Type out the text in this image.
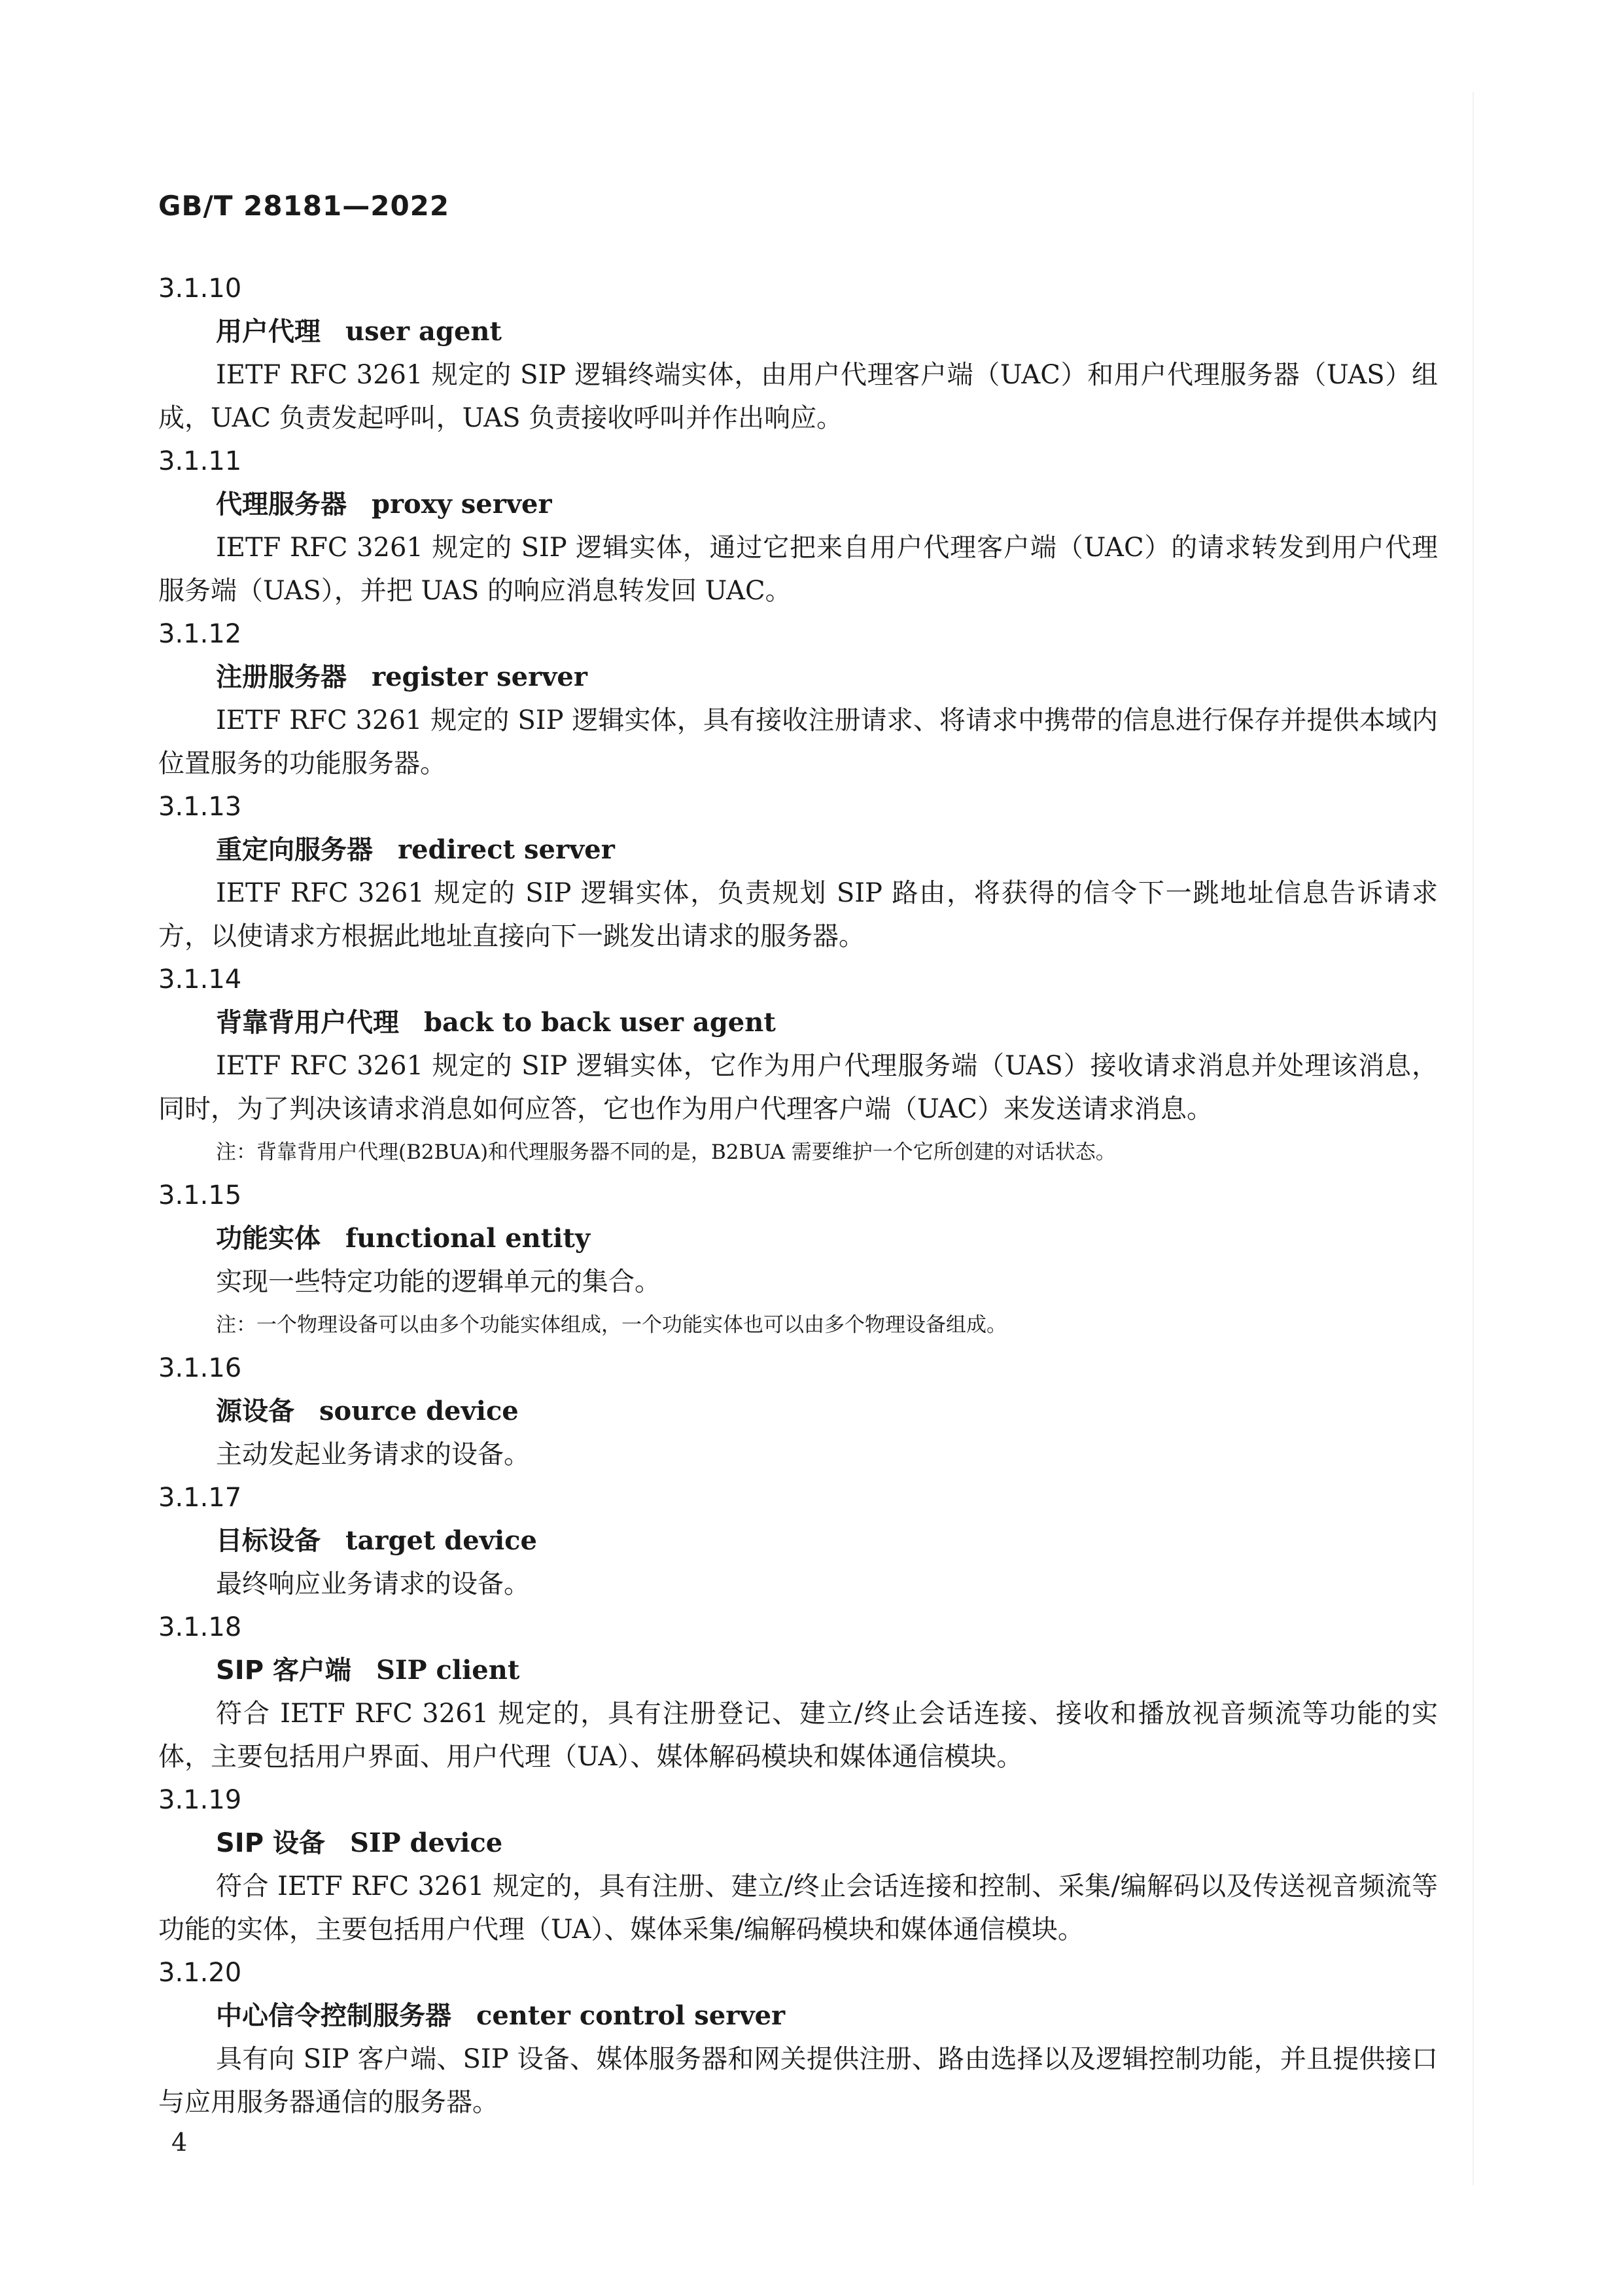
GB/T 28181—2022
3.1.10
用户代理 user agent

IETF RFC 3261 规定的 SIP 逻辑终端实体，由用户代理客户端（UAC）和用户代理服务器（UAS）组成，UAC 负责发起呼叫，UAS 负责接收呼叫并作出响应。

3.1.11
代理服务器 proxy server

IETF RFC 3261 规定的 SIP 逻辑实体，通过它把来自用户代理客户端（UAC）的请求转发到用户代理服务端（UAS），并把 UAS 的响应消息转发回 UAC。

3.1.12
注册服务器 register server

IETF RFC 3261 规定的 SIP 逻辑实体，具有接收注册请求、将请求中携带的信息进行保存并提供本域内位置服务的功能服务器。

3.1.13
重定向服务器 redirect server

IETF RFC 3261 规定的 SIP 逻辑实体，负责规划 SIP 路由，将获得的信令下一跳地址信息告诉请求方，以使请求方根据此地址直接向下一跳发出请求的服务器。

3.1.14
背靠背用户代理 back to back user agent

IETF RFC 3261 规定的 SIP 逻辑实体，它作为用户代理服务端（UAS）接收请求消息并处理该消息，同时，为了判决该请求消息如何应答，它也作为用户代理客户端（UAC）来发送请求消息。

注：背靠背用户代理(B2BUA)和代理服务器不同的是，B2BUA 需要维护一个它所创建的对话状态。
3.1.15
功能实体 functional entity

实现一些特定功能的逻辑单元的集合。

注：一个物理设备可以由多个功能实体组成，一个功能实体也可以由多个物理设备组成。
3.1.16
源设备 source device

主动发起业务请求的设备。

3.1.17
目标设备 target device

最终响应业务请求的设备。

3.1.18
SIP 客户端 SIP client

符合 IETF RFC 3261 规定的，具有注册登记、建立/终止会话连接、接收和播放视音频流等功能的实体，主要包括用户界面、用户代理（UA）、媒体解码模块和媒体通信模块。

3.1.19
SIP 设备 SIP device

符合 IETF RFC 3261 规定的，具有注册、建立/终止会话连接和控制、采集/编解码以及传送视音频流等功能的实体，主要包括用户代理（UA）、媒体采集/编解码模块和媒体通信模块。

3.1.20
中心信令控制服务器 center control server

具有向 SIP 客户端、SIP 设备、媒体服务器和网关提供注册、路由选择以及逻辑控制功能，并且提供接口与应用服务器通信的服务器。

4
